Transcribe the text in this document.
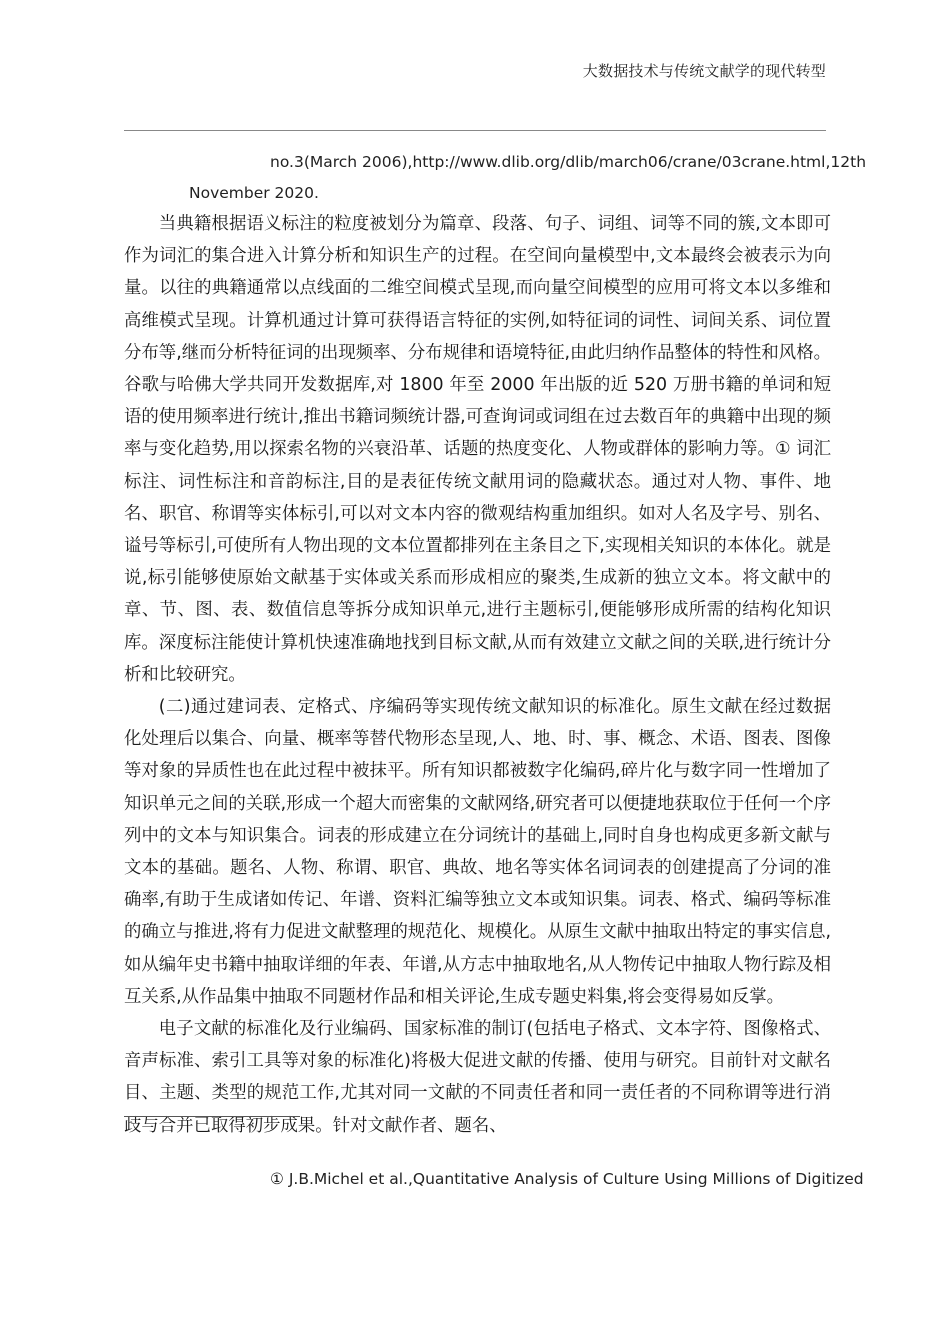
大数据技术与传统文献学的现代转型
no.3(March 2006),http://www.dlib.org/dlib/march06/crane/03crane.html,12th
November 2020.

当典籍根据语义标注的粒度被划分为篇章、段落、句子、词组、词等不同的簇,文本即可作为词汇的集合进入计算分析和知识生产的过程。在空间向量模型中,文本最终会被表示为向量。以往的典籍通常以点线面的二维空间模式呈现,而向量空间模型的应用可将文本以多维和高维模式呈现。计算机通过计算可获得语言特征的实例,如特征词的词性、词间关系、词位置分布等,继而分析特征词的出现频率、分布规律和语境特征,由此归纳作品整体的特性和风格。谷歌与哈佛大学共同开发数据库,对 1800 年至 2000 年出版的近 520 万册书籍的单词和短语的使用频率进行统计,推出书籍词频统计器,可查询词或词组在过去数百年的典籍中出现的频率与变化趋势,用以探索名物的兴衰沿革、话题的热度变化、人物或群体的影响力等。① 词汇标注、词性标注和音韵标注,目的是表征传统文献用词的隐藏状态。通过对人物、事件、地名、职官、称谓等实体标引,可以对文本内容的微观结构重加组织。如对人名及字号、别名、谥号等标引,可使所有人物出现的文本位置都排列在主条目之下,实现相关知识的本体化。就是说,标引能够使原始文献基于实体或关系而形成相应的聚类,生成新的独立文本。将文献中的章、节、图、表、数值信息等拆分成知识单元,进行主题标引,便能够形成所需的结构化知识库。深度标注能使计算机快速准确地找到目标文献,从而有效建立文献之间的关联,进行统计分析和比较研究。

(二)通过建词表、定格式、序编码等实现传统文献知识的标准化。原生文献在经过数据化处理后以集合、向量、概率等替代物形态呈现,人、地、时、事、概念、术语、图表、图像等对象的异质性也在此过程中被抹平。所有知识都被数字化编码,碎片化与数字同一性增加了知识单元之间的关联,形成一个超大而密集的文献网络,研究者可以便捷地获取位于任何一个序列中的文本与知识集合。词表的形成建立在分词统计的基础上,同时自身也构成更多新文献与文本的基础。题名、人物、称谓、职官、典故、地名等实体名词词表的创建提高了分词的准确率,有助于生成诸如传记、年谱、资料汇编等独立文本或知识集。词表、格式、编码等标准的确立与推进,将有力促进文献整理的规范化、规模化。从原生文献中抽取出特定的事实信息,如从编年史书籍中抽取详细的年表、年谱,从方志中抽取地名,从人物传记中抽取人物行踪及相互关系,从作品集中抽取不同题材作品和相关评论,生成专题史料集,将会变得易如反掌。

电子文献的标准化及行业编码、国家标准的制订(包括电子格式、文本字符、图像格式、音声标准、索引工具等对象的标准化)将极大促进文献的传播、使用与研究。目前针对文献名目、主题、类型的规范工作,尤其对同一文献的不同责任者和同一责任者的不同称谓等进行消歧与合并已取得初步成果。针对文献作者、题名、

① J.B.Michel et al.,Quantitative Analysis of Culture Using Millions of Digitized
